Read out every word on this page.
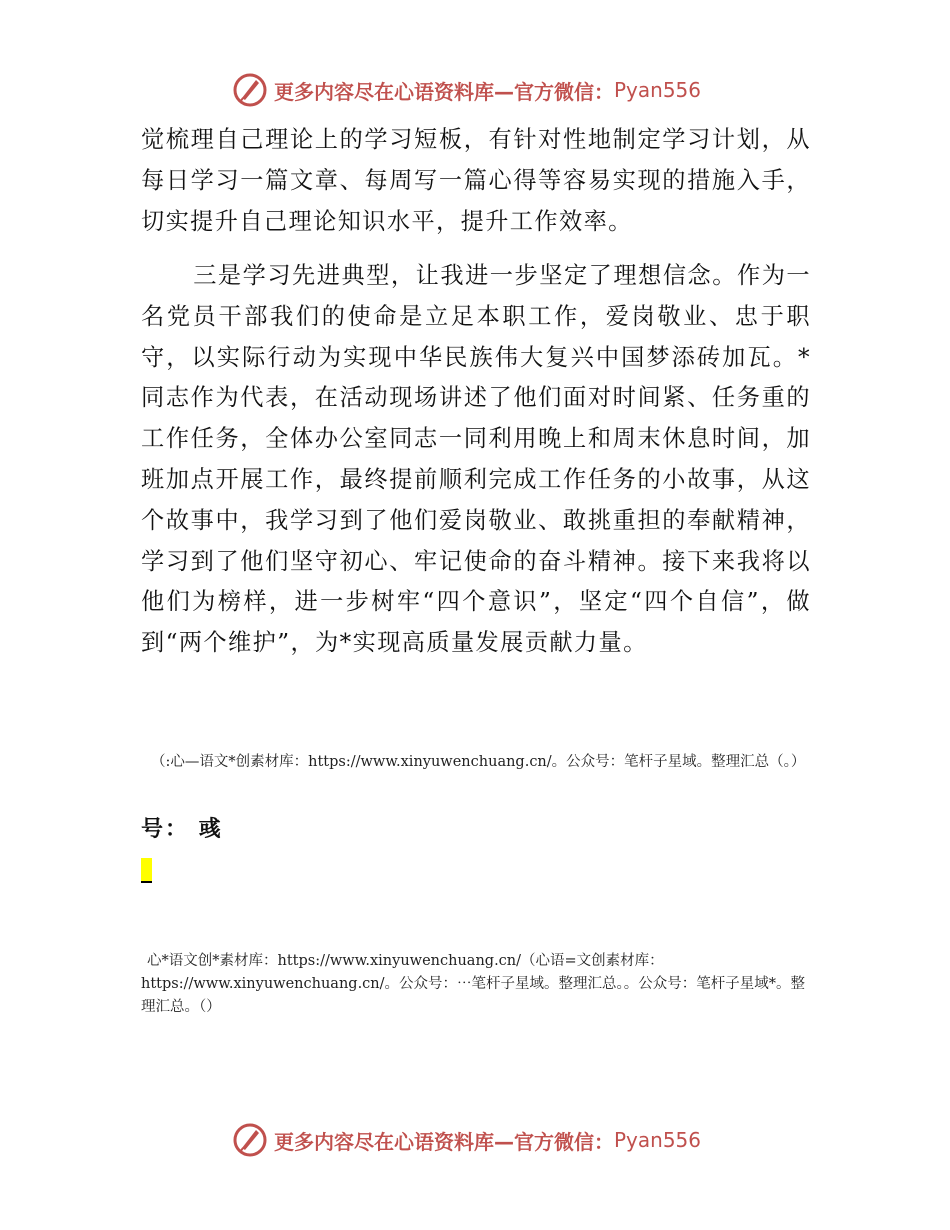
更多内容尽在心语资料库 —官方微信： Pyan556

觉梳理自己理论上的学习短板，有针对性地制定学习计划，从每日学习一篇文章、每周写一篇心得等容易实现的措施入手，切实提升自己理论知识水平，提升工作效率。

三是学习先进典型，让我进一步坚定了理想信念。作为一名党员干部我们的使命是立足本职工作，爱岗敬业、忠于职守，以实际行动为实现中华民族伟大复兴中国梦添砖加瓦。*同志作为代表，在活动现场讲述了他们面对时间紧、任务重的工作任务，全体办公室同志一同利用晚上和周末休息时间，加班加点开展工作，最终提前顺利完成工作任务的小故事，从这个故事中，我学习到了他们爱岗敬业、敢挑重担的奉献精神，学习到了他们坚守初心、牢记使命的奋斗精神。接下来我将以他们为榜样，进一步树牢“四个意识”，坚定“四个自信”，做到“两个维护”，为*实现高质量发展贡献力量。

（:心—语文*创素材库：https://www.xinyuwenchuang.cn/。公众号：笔杆子星域。整理汇总（。）
号： 彧
心*语文创*素材库：https://www.xinyuwenchuang.cn/（心语=文创素材库：https://www.xinyuwenchuang.cn/。公众号：⋯笔杆子星域。整理汇总。。公众号：笔杆子星域*。整理汇总。（）
更多内容尽在心语资料库 —官方微信： Pyan556
